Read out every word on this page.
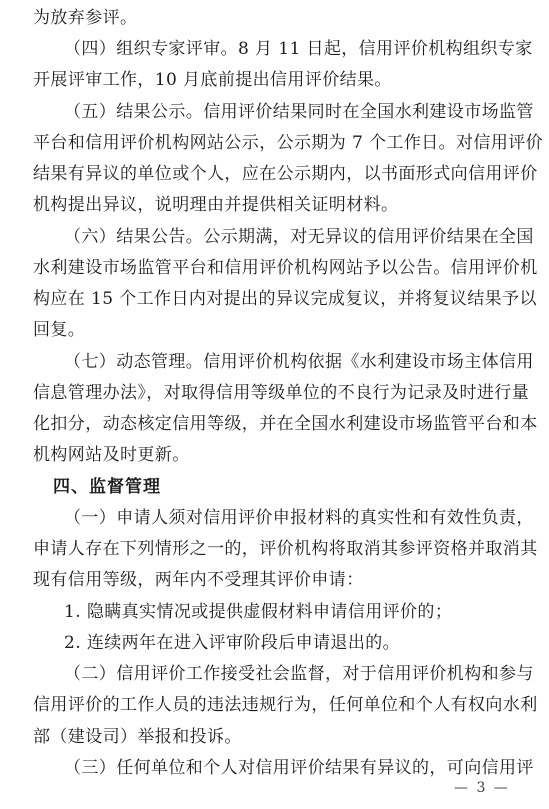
为放弃参评。
（四）组织专家评审。8 月 11 日起，信用评价机构组织专家
开展评审工作，10 月底前提出信用评价结果。
（五）结果公示。信用评价结果同时在全国水利建设市场监管
平台和信用评价机构网站公示，公示期为 7 个工作日。对信用评价
结果有异议的单位或个人，应在公示期内，以书面形式向信用评价
机构提出异议，说明理由并提供相关证明材料。
（六）结果公告。公示期满，对无异议的信用评价结果在全国
水利建设市场监管平台和信用评价机构网站予以公告。信用评价机
构应在 15 个工作日内对提出的异议完成复议，并将复议结果予以
回复。
（七）动态管理。信用评价机构依据《水利建设市场主体信用
信息管理办法》，对取得信用等级单位的不良行为记录及时进行量
化扣分，动态核定信用等级，并在全国水利建设市场监管平台和本
机构网站及时更新。
四、监督管理
（一）申请人须对信用评价申报材料的真实性和有效性负责，
申请人存在下列情形之一的，评价机构将取消其参评资格并取消其
现有信用等级，两年内不受理其评价申请：
1. 隐瞒真实情况或提供虚假材料申请信用评价的；
2. 连续两年在进入评审阶段后申请退出的。
（二）信用评价工作接受社会监督，对于信用评价机构和参与
信用评价的工作人员的违法违规行为，任何单位和个人有权向水利
部（建设司）举报和投诉。
（三）任何单位和个人对信用评价结果有异议的，可向信用评
— 3 —
